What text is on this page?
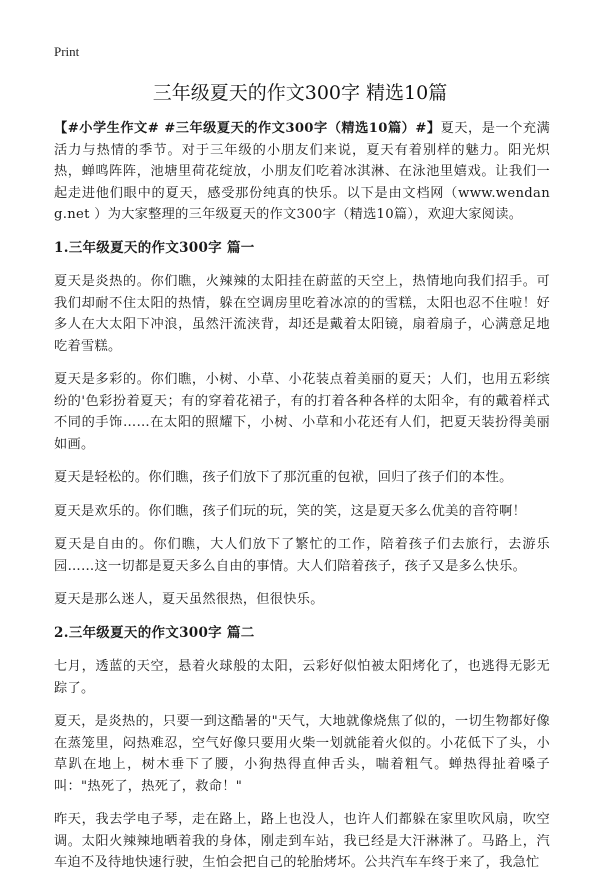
Print
三年级夏天的作文300字 精选10篇

【#小学生作文# #三年级夏天的作文300字（精选10篇）#】夏天，是一个充满活力与热情的季节。对于三年级的小朋友们来说，夏天有着别样的魅力。阳光炽热，蝉鸣阵阵，池塘里荷花绽放，小朋友们吃着冰淇淋、在泳池里嬉戏。让我们一起走进他们眼中的夏天，感受那份纯真的快乐。以下是由文档网（www.wendang.net ）为大家整理的三年级夏天的作文300字（精选10篇），欢迎大家阅读。

1.三年级夏天的作文300字 篇一

夏天是炎热的。你们瞧，火辣辣的太阳挂在蔚蓝的天空上，热情地向我们招手。可我们却耐不住太阳的热情，躲在空调房里吃着冰凉的的雪糕，太阳也忍不住啦！好多人在大太阳下冲浪，虽然汗流浃背，却还是戴着太阳镜，扇着扇子，心满意足地吃着雪糕。

夏天是多彩的。你们瞧，小树、小草、小花装点着美丽的夏天；人们，也用五彩缤纷的'色彩扮着夏天；有的穿着花裙子，有的打着各种各样的太阳伞，有的戴着样式不同的手饰……在太阳的照耀下，小树、小草和小花还有人们，把夏天装扮得美丽如画。

夏天是轻松的。你们瞧，孩子们放下了那沉重的包袱，回归了孩子们的本性。

夏天是欢乐的。你们瞧，孩子们玩的玩，笑的笑，这是夏天多么优美的音符啊！

夏天是自由的。你们瞧，大人们放下了繁忙的工作，陪着孩子们去旅行，去游乐园……这一切都是夏天多么自由的事情。大人们陪着孩子，孩子又是多么快乐。

夏天是那么迷人，夏天虽然很热，但很快乐。

2.三年级夏天的作文300字 篇二

七月，透蓝的天空，悬着火球般的太阳，云彩好似怕被太阳烤化了，也逃得无影无踪了。

夏天，是炎热的，只要一到这酷暑的"天气，大地就像烧焦了似的，一切生物都好像在蒸笼里，闷热难忍，空气好像只要用火柴一划就能着火似的。小花低下了头，小草趴在地上，树木垂下了腰，小狗热得直伸舌头，喘着粗气。蝉热得扯着嗓子叫："热死了，热死了，救命！"

昨天，我去学电子琴，走在路上，路上也没人，也许人们都躲在家里吹风扇，吹空调。太阳火辣辣地晒着我的身体，刚走到车站，我已经是大汗淋淋了。马路上，汽车迫不及待地快速行驶，生怕会把自己的轮胎烤坏。公共汽车车终于来了，我急忙
